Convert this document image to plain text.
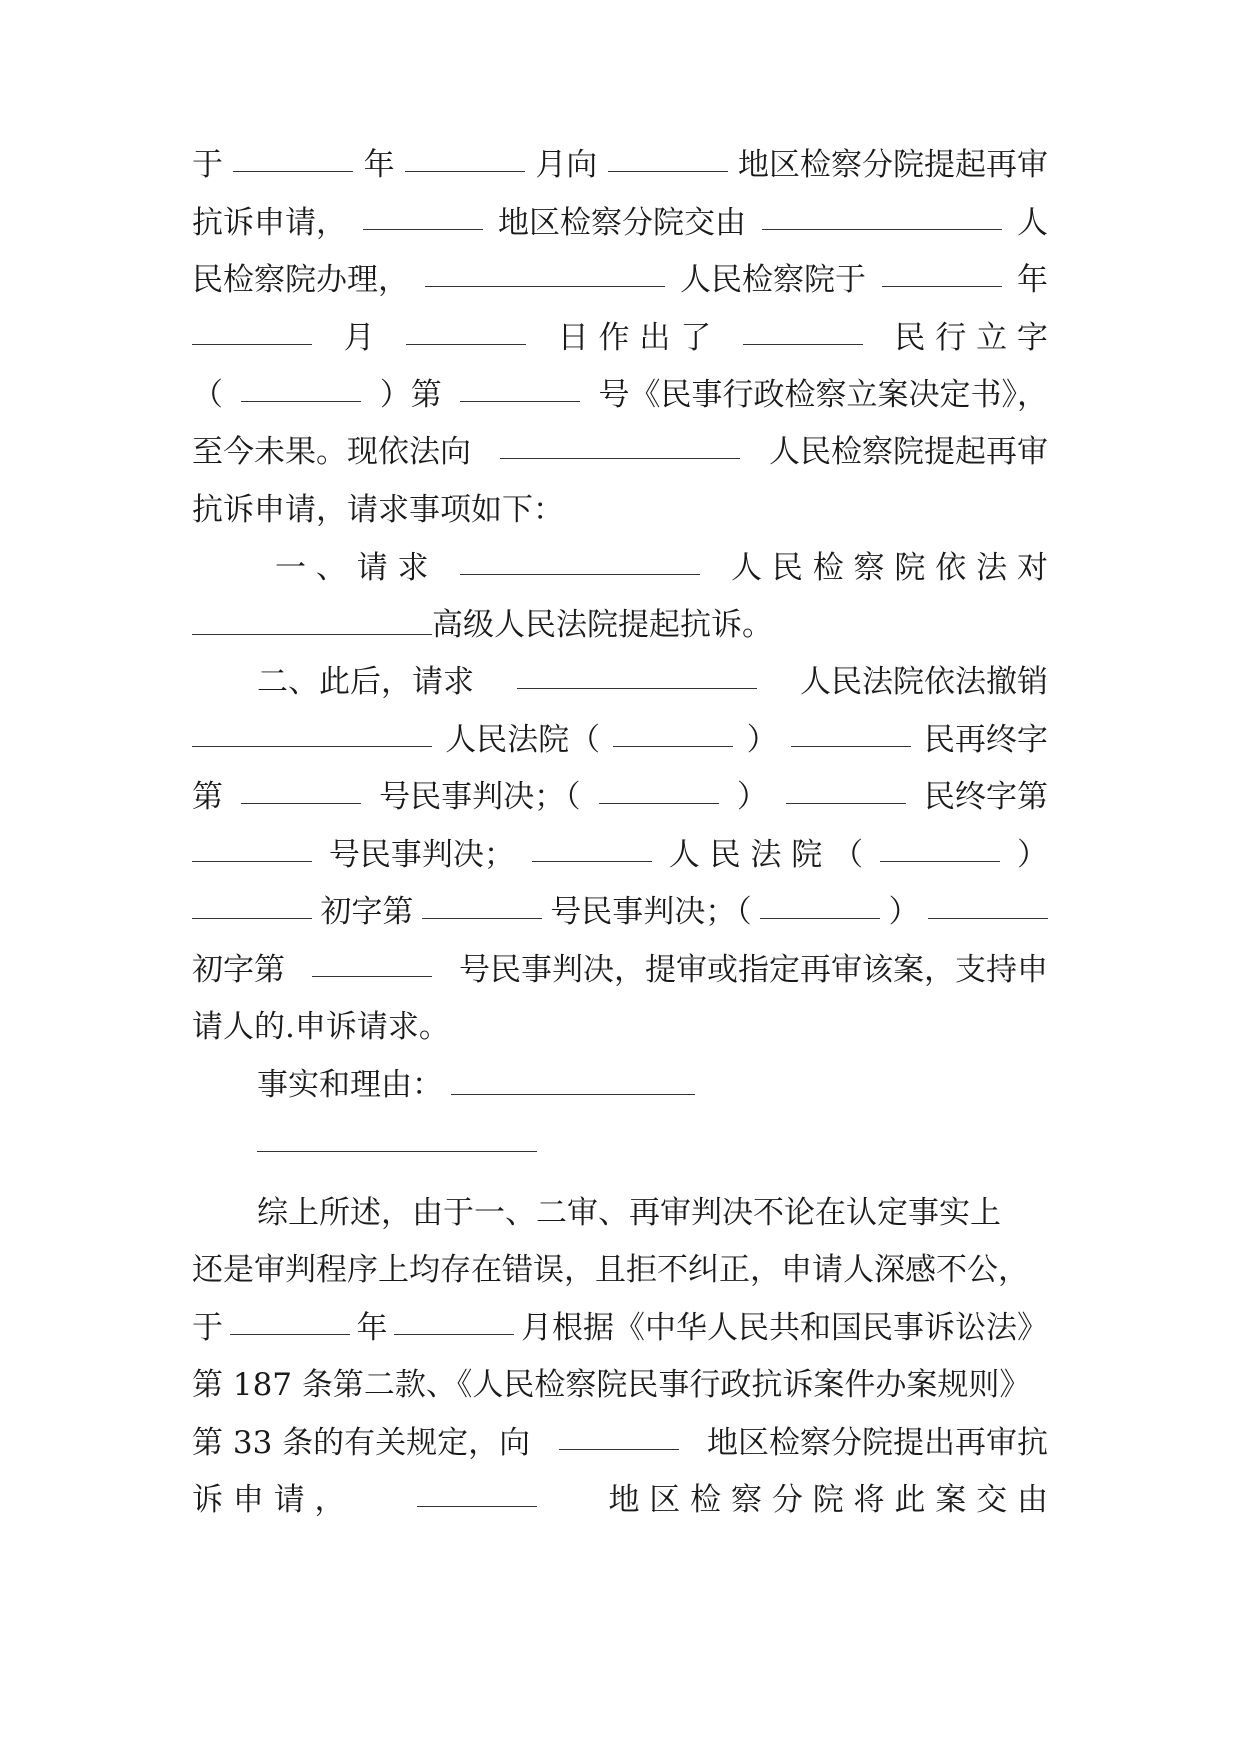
于	年	月向	地区检察分院提起再审
抗诉申请，	地区检察分院交由	人
民检察院办理，	人民检察院于	年
月	日 作 出 了	民 行 立 字
（	）第	号《民事行政检察立案决定书》，
至今未果。现依法向	人民检察院提起再审
抗诉申请，请求事项如下：
一 、 请 求	人 民 检 察 院 依 法 对
高级人民法院提起抗诉。
二、此后，请求	人民法院依法撤销
人民法院（	）	民再终字
第	号民事判决；（	）	民终字第
号民事判决；	人 民 法 院 （	）
初字第	号民事判决；（	）
初字第	号民事判决，提审或指定再审该案，支持申
请人的.申诉请求。
事实和理由：
综上所述，由于一、二审、再审判决不论在认定事实上
还是审判程序上均存在错误，且拒不纠正，申请人深感不公，
于	年	月根据《中华人民共和国民事诉讼法》
第 187 条第二款、《人民检察院民事行政抗诉案件办案规则》
第 33 条的有关规定，向	地区检察分院提出再审抗
诉 申 请 ，	地 区 检 察 分 院 将 此 案 交 由
